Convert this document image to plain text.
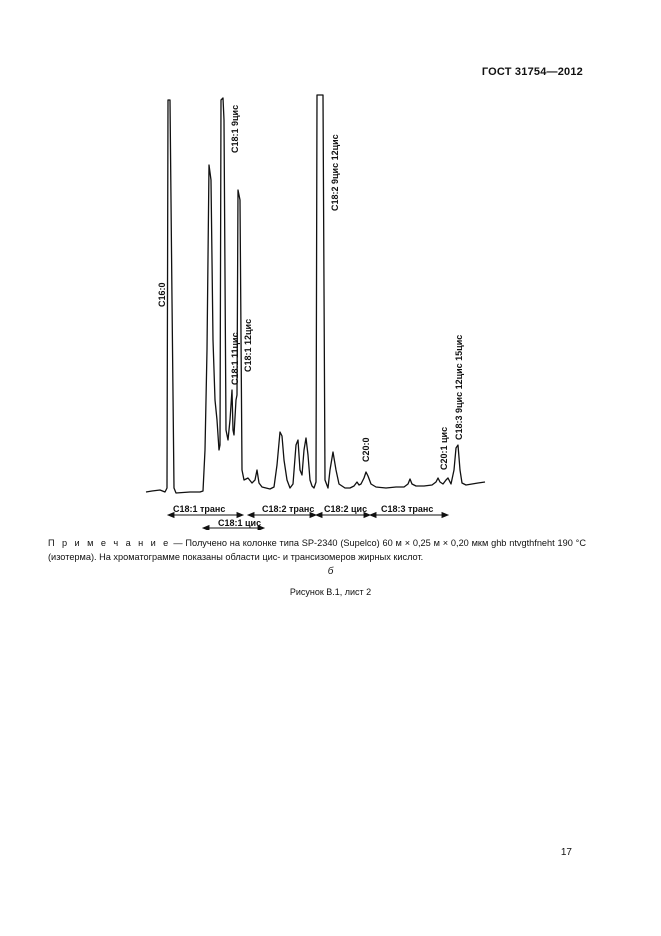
ГОСТ 31754—2012
C16:0
C18:1 9цис
C18:1 11цис C18:1 12цис
C18:2 9цис 12цис
C20:0	C20:1 цис
C18:3 9цис 12цис 15цис
C18:1 транс
C18:1 цис
C18:2 транс C18:2 цис C18:3 транс
П р и м е ч а н и е — Получено на колонке типа SP-2340 (Supelco) 60 м × 0,25 м × 0,20 мкм ghb ntvgthfneht 190 °C (изотерма). На хроматограмме показаны области цис- и трансизомеров жирных кислот.
б
Рисунок В.1, лист 2
17
